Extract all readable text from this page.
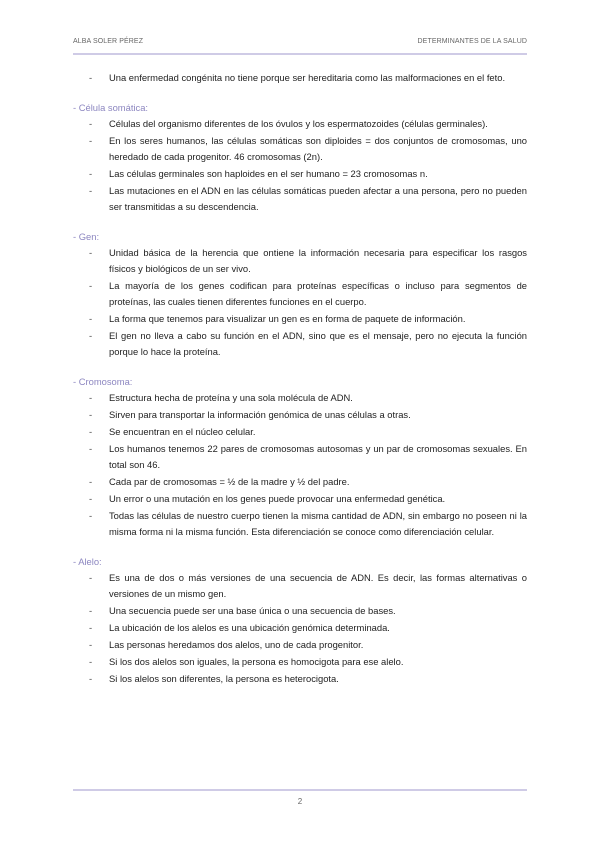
ALBA SOLER PÉREZ	DETERMINANTES DE LA SALUD
- Una enfermedad congénita no tiene porque ser hereditaria como las malformaciones en el feto.

- Célula somática:

- Células del organismo diferentes de los óvulos y los espermatozoides (células germinales).
- En los seres humanos, las células somáticas son diploides = dos conjuntos de cromosomas, uno heredado de cada progenitor. 46 cromosomas (2n).
- Las células germinales son haploides en el ser humano = 23 cromosomas n.
- Las mutaciones en el ADN en las células somáticas pueden afectar a una persona, pero no pueden ser transmitidas a su descendencia.

- Gen:

- Unidad básica de la herencia que ontiene la información necesaria para especificar los rasgos físicos y biológicos de un ser vivo.
- La mayoría de los genes codifican para proteínas específicas o incluso para segmentos de proteínas, las cuales tienen diferentes funciones en el cuerpo.
- La forma que tenemos para visualizar un gen es en forma de paquete de información.
- El gen no lleva a cabo su función en el ADN, sino que es el mensaje, pero no ejecuta la función porque lo hace la proteína.

- Cromosoma:

- Estructura hecha de proteína y una sola molécula de ADN.
- Sirven para transportar la información genómica de unas células a otras.
- Se encuentran en el núcleo celular.
- Los humanos tenemos 22 pares de cromosomas autosomas y un par de cromosomas sexuales. En total son 46.
- Cada par de cromosomas = ½ de la madre y ½ del padre.
- Un error o una mutación en los genes puede provocar una enfermedad genética.
- Todas las células de nuestro cuerpo tienen la misma cantidad de ADN, sin embargo no poseen ni la misma forma ni la misma función. Esta diferenciación se conoce como diferenciación celular.

- Alelo:

- Es una de dos o más versiones de una secuencia de ADN. Es decir, las formas alternativas o versiones de un mismo gen.
- Una secuencia puede ser una base única o una secuencia de bases.
- La ubicación de los alelos es una ubicación genómica determinada.
- Las personas heredamos dos alelos, uno de cada progenitor.
- Si los dos alelos son iguales, la persona es homocigota para ese alelo.
- Si los alelos son diferentes, la persona es heterocigota.
2
